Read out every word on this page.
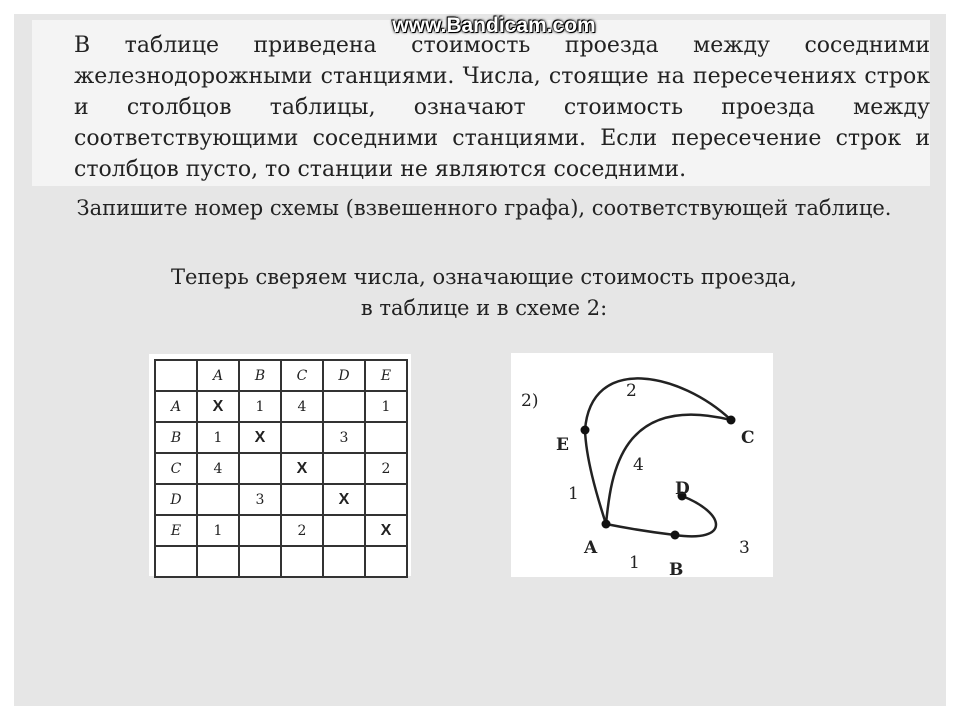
В таблице приведена стоимость проезда между соседними железнодорожными станциями. Числа, стоящие на пересечениях строк и столбцов таблицы, означают стоимость проезда между соответствующими соседними станциями. Если пересечение строк и столбцов пусто, то станции не являются соседними.

www.Bandicam.com
Запишите номер схемы (взвешенного графа), соответствующей таблице.
Теперь сверяем числа, означающие стоимость проезда,
в таблице и в схеме 2:
	A	B	C	D	E
A	X	1	4		1
B	1	X		3	
C	4		X		2
D		3		X	
E	1		2		X

2)
A
B
C
D
E
2
4
1
1
3
